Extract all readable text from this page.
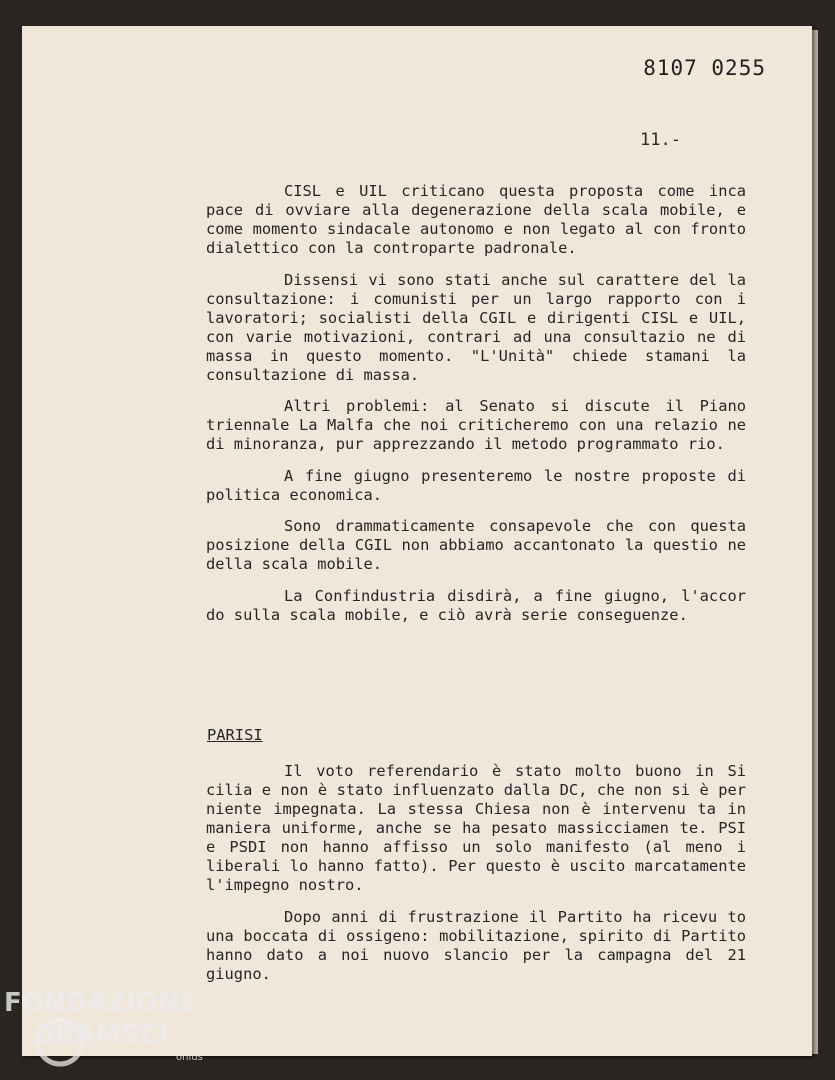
8107 0255
11.-

CISL e UIL criticano questa proposta come inca pace di ovviare alla degenerazione della scala mobile, e come momento sindacale autonomo e non legato al con fronto dialettico con la controparte padronale.

Dissensi vi sono stati anche sul carattere del la consultazione: i comunisti per un largo rapporto con i lavoratori; socialisti della CGIL e dirigenti CISL e UIL, con varie motivazioni, contrari ad una consultazio ne di massa in questo momento. "L'Unità" chiede stamani la consultazione di massa.

Altri problemi: al Senato si discute il Piano triennale La Malfa che noi criticheremo con una relazio ne di minoranza, pur apprezzando il metodo programmato rio.

A fine giugno presenteremo le nostre proposte di politica economica.

Sono drammaticamente consapevole che con questa posizione della CGIL non abbiamo accantonato la questio ne della scala mobile.

La Confindustria disdirà, a fine giugno, l'accor do sulla scala mobile, e ciò avrà serie conseguenze.

PARISI

Il voto referendario è stato molto buono in Si cilia e non è stato influenzato dalla DC, che non si è per niente impegnata. La stessa Chiesa non è intervenu ta in maniera uniforme, anche se ha pesato massicciamen te. PSI e PSDI non hanno affisso un solo manifesto (al meno i liberali lo hanno fatto). Per questo è uscito marcatamente l'impegno nostro.

Dopo anni di frustrazione il Partito ha ricevu to una boccata di ossigeno: mobilitazione, spirito di Partito hanno dato a noi nuovo slancio per la campagna del 21 giugno.

FONDAZIONE
GRAMSCI
onlus
